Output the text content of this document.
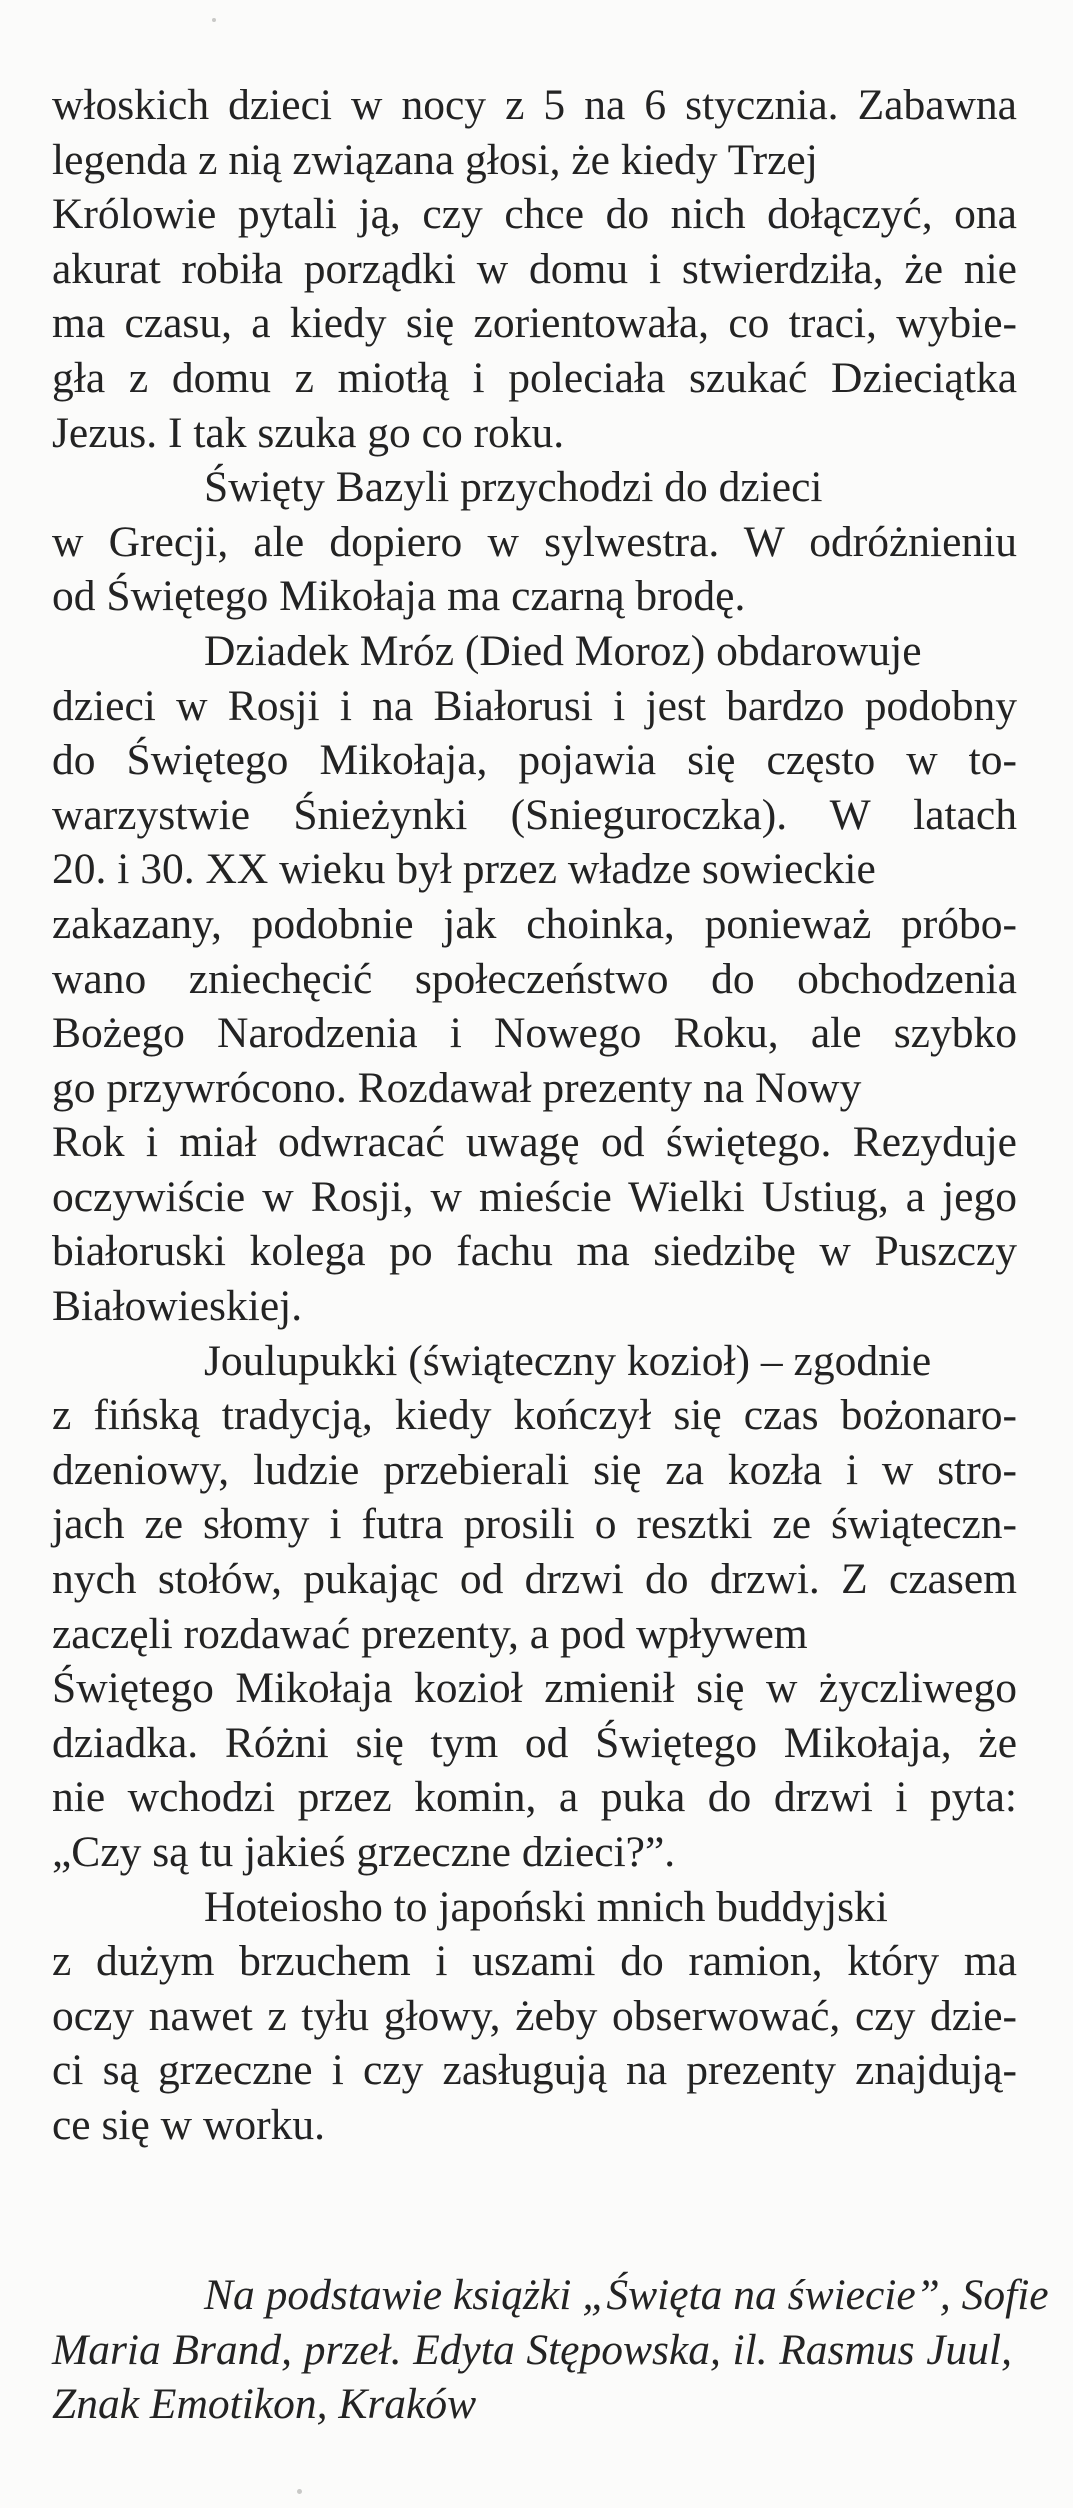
włoskich dzieci w nocy z 5 na 6 stycznia. Zabawna
legenda z nią związana głosi, że kiedy Trzej
Królowie pytali ją, czy chce do nich dołączyć, ona
akurat robiła porządki w domu i stwierdziła, że nie
ma czasu, a kiedy się zorientowała, co traci, wybie-
gła z domu z miotłą i poleciała szukać Dzieciątka
Jezus. I tak szuka go co roku.
Święty Bazyli przychodzi do dzieci
w Grecji, ale dopiero w sylwestra. W odróżnieniu
od Świętego Mikołaja ma czarną brodę.
Dziadek Mróz (Died Moroz) obdarowuje
dzieci w Rosji i na Białorusi i jest bardzo podobny
do Świętego Mikołaja, pojawia się często w to-
warzystwie Śnieżynki (Snieguroczka). W latach
20. i 30. XX wieku był przez władze sowieckie
zakazany, podobnie jak choinka, ponieważ próbo-
wano zniechęcić społeczeństwo do obchodzenia
Bożego Narodzenia i Nowego Roku, ale szybko
go przywrócono. Rozdawał prezenty na Nowy
Rok i miał odwracać uwagę od świętego. Rezyduje
oczywiście w Rosji, w mieście Wielki Ustiug, a jego
białoruski kolega po fachu ma siedzibę w Puszczy
Białowieskiej.
Joulupukki (świąteczny kozioł) – zgodnie
z fińską tradycją, kiedy kończył się czas bożonaro-
dzeniowy, ludzie przebierali się za kozła i w stro-
jach ze słomy i futra prosili o resztki ze świąteczn-
nych stołów, pukając od drzwi do drzwi. Z czasem
zaczęli rozdawać prezenty, a pod wpływem
Świętego Mikołaja kozioł zmienił się w życzliwego
dziadka. Różni się tym od Świętego Mikołaja, że
nie wchodzi przez komin, a puka do drzwi i pyta:
„Czy są tu jakieś grzeczne dzieci?”.
Hoteiosho to japoński mnich buddyjski
z dużym brzuchem i uszami do ramion, który ma
oczy nawet z tyłu głowy, żeby obserwować, czy dzie-
ci są grzeczne i czy zasługują na prezenty znajdują-
ce się w worku.
Na podstawie książki „Święta na świecie”, Sofie
Maria Brand, przeł. Edyta Stępowska, il. Rasmus Juul,
Znak Emotikon, Kraków
